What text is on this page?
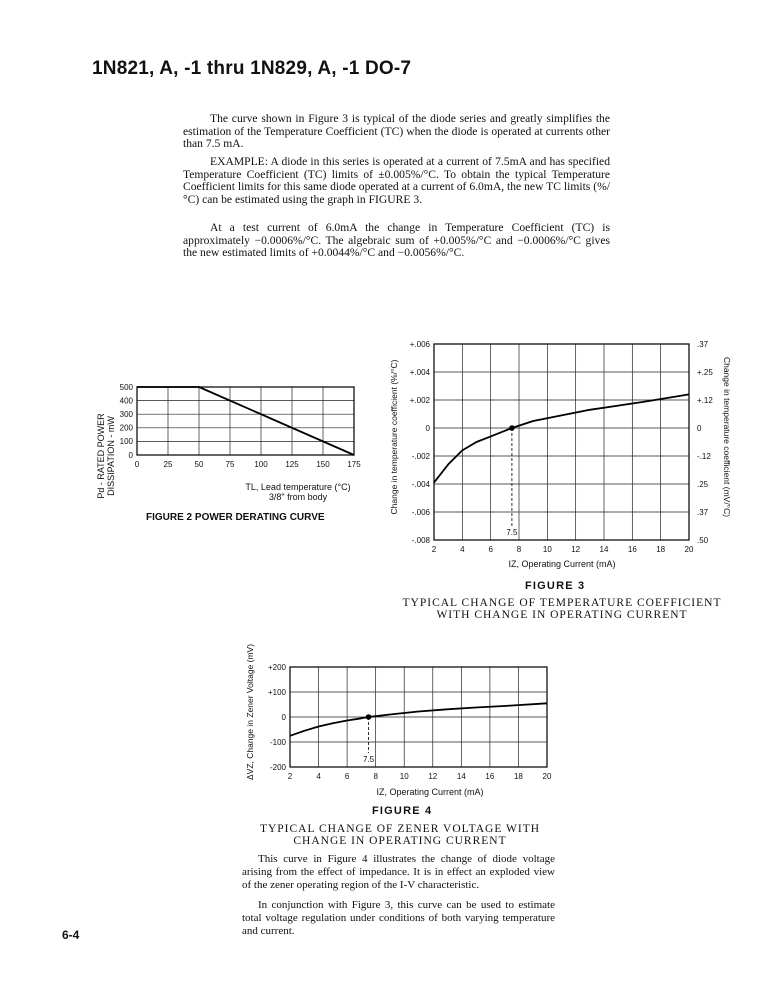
1N821, A, -1 thru 1N829, A, -1 DO-7

The curve shown in Figure 3 is typical of the diode series and greatly simplifies the estimation of the Temperature Coefficient (TC) when the diode is operated at currents other than 7.5 mA.

EXAMPLE: A diode in this series is operated at a current of 7.5mA and has specified Temperature Coefficient (TC) limits of ±0.005%/°C. To obtain the typical Temperature Coefficient limits for this same diode operated at a current of 6.0mA, the new TC limits (%/°C) can be estimated using the graph in FIGURE 3.

At a test current of 6.0mA the change in Temperature Coefficient (TC) is approximately −0.0006%/°C. The algebraic sum of +0.005%/°C and −0.0006%/°C gives the new estimated limits of +0.0044%/°C and −0.0056%/°C.

0	25	50	75 100 125 150 175
0
100
200
300
400
500
Pd - RATED POWER DISSIPATION - mW	TL, Lead temperature (°C)
3/8" from body
FIGURE 2 POWER DERATING CURVE
2	4	6	8	10 12 14 16 18 20
-.008
-.006
-.004
-.002
0
+.002
+.004
+.006
.50
.37
.25
-.12
0
+.12
+.25
.37
7.5
Change in temperature coefficient (%/°C)	Change in temperature coefficient (mV/°C)
IZ, Operating Current (mA)
FIGURE 3
TYPICAL CHANGE OF TEMPERATURE COEFFICIENT
WITH CHANGE IN OPERATING CURRENT
2	4	6	8	10 12 14 16 18 20
-200
-100
0
+100
+200
7.5
ΔVZ, Change in Zener Voltage (mV)
IZ, Operating Current (mA)
FIGURE 4
TYPICAL CHANGE OF ZENER VOLTAGE WITH
CHANGE IN OPERATING CURRENT

This curve in Figure 4 illustrates the change of diode voltage arising from the effect of impedance. It is in effect an exploded view of the zener operating region of the I-V characteristic.

In conjunction with Figure 3, this curve can be used to estimate total voltage regulation under conditions of both varying temperature and current.

6-4
